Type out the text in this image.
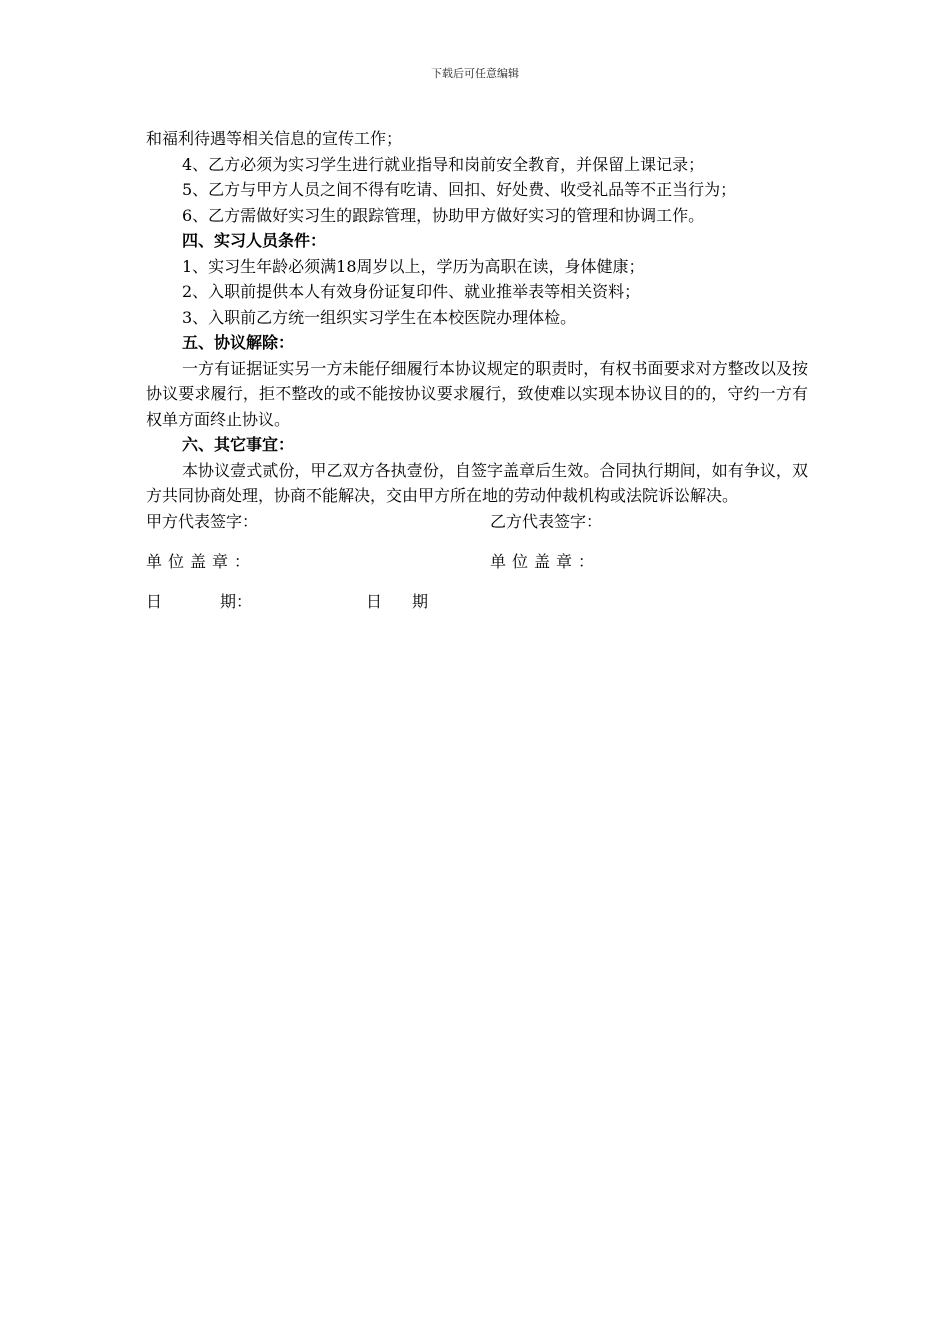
下载后可任意编辑

和福利待遇等相关信息的宣传工作；

4、乙方必须为实习学生进行就业指导和岗前安全教育，并保留上课记录；

5、乙方与甲方人员之间不得有吃请、回扣、好处费、收受礼品等不正当行为；

6、乙方需做好实习生的跟踪管理，协助甲方做好实习的管理和协调工作。

四、实习人员条件：

1、实习生年龄必须满18周岁以上，学历为高职在读，身体健康；

2、入职前提供本人有效身份证复印件、就业推举表等相关资料；

3、入职前乙方统一组织实习学生在本校医院办理体检。

五、协议解除：

一方有证据证实另一方未能仔细履行本协议规定的职责时，有权书面要求对方整改以及按协议要求履行，拒不整改的或不能按协议要求履行，致使难以实现本协议目的的，守约一方有权单方面终止协议。

六、其它事宜：

本协议壹式贰份，甲乙双方各执壹份，自签字盖章后生效。合同执行期间，如有争议，双方共同协商处理，协商不能解决，交由甲方所在地的劳动仲裁机构或法院诉讼解决。

甲方代表签字：	乙方代表签字：
单位盖章：	单位盖章：
日	期：	日 期
